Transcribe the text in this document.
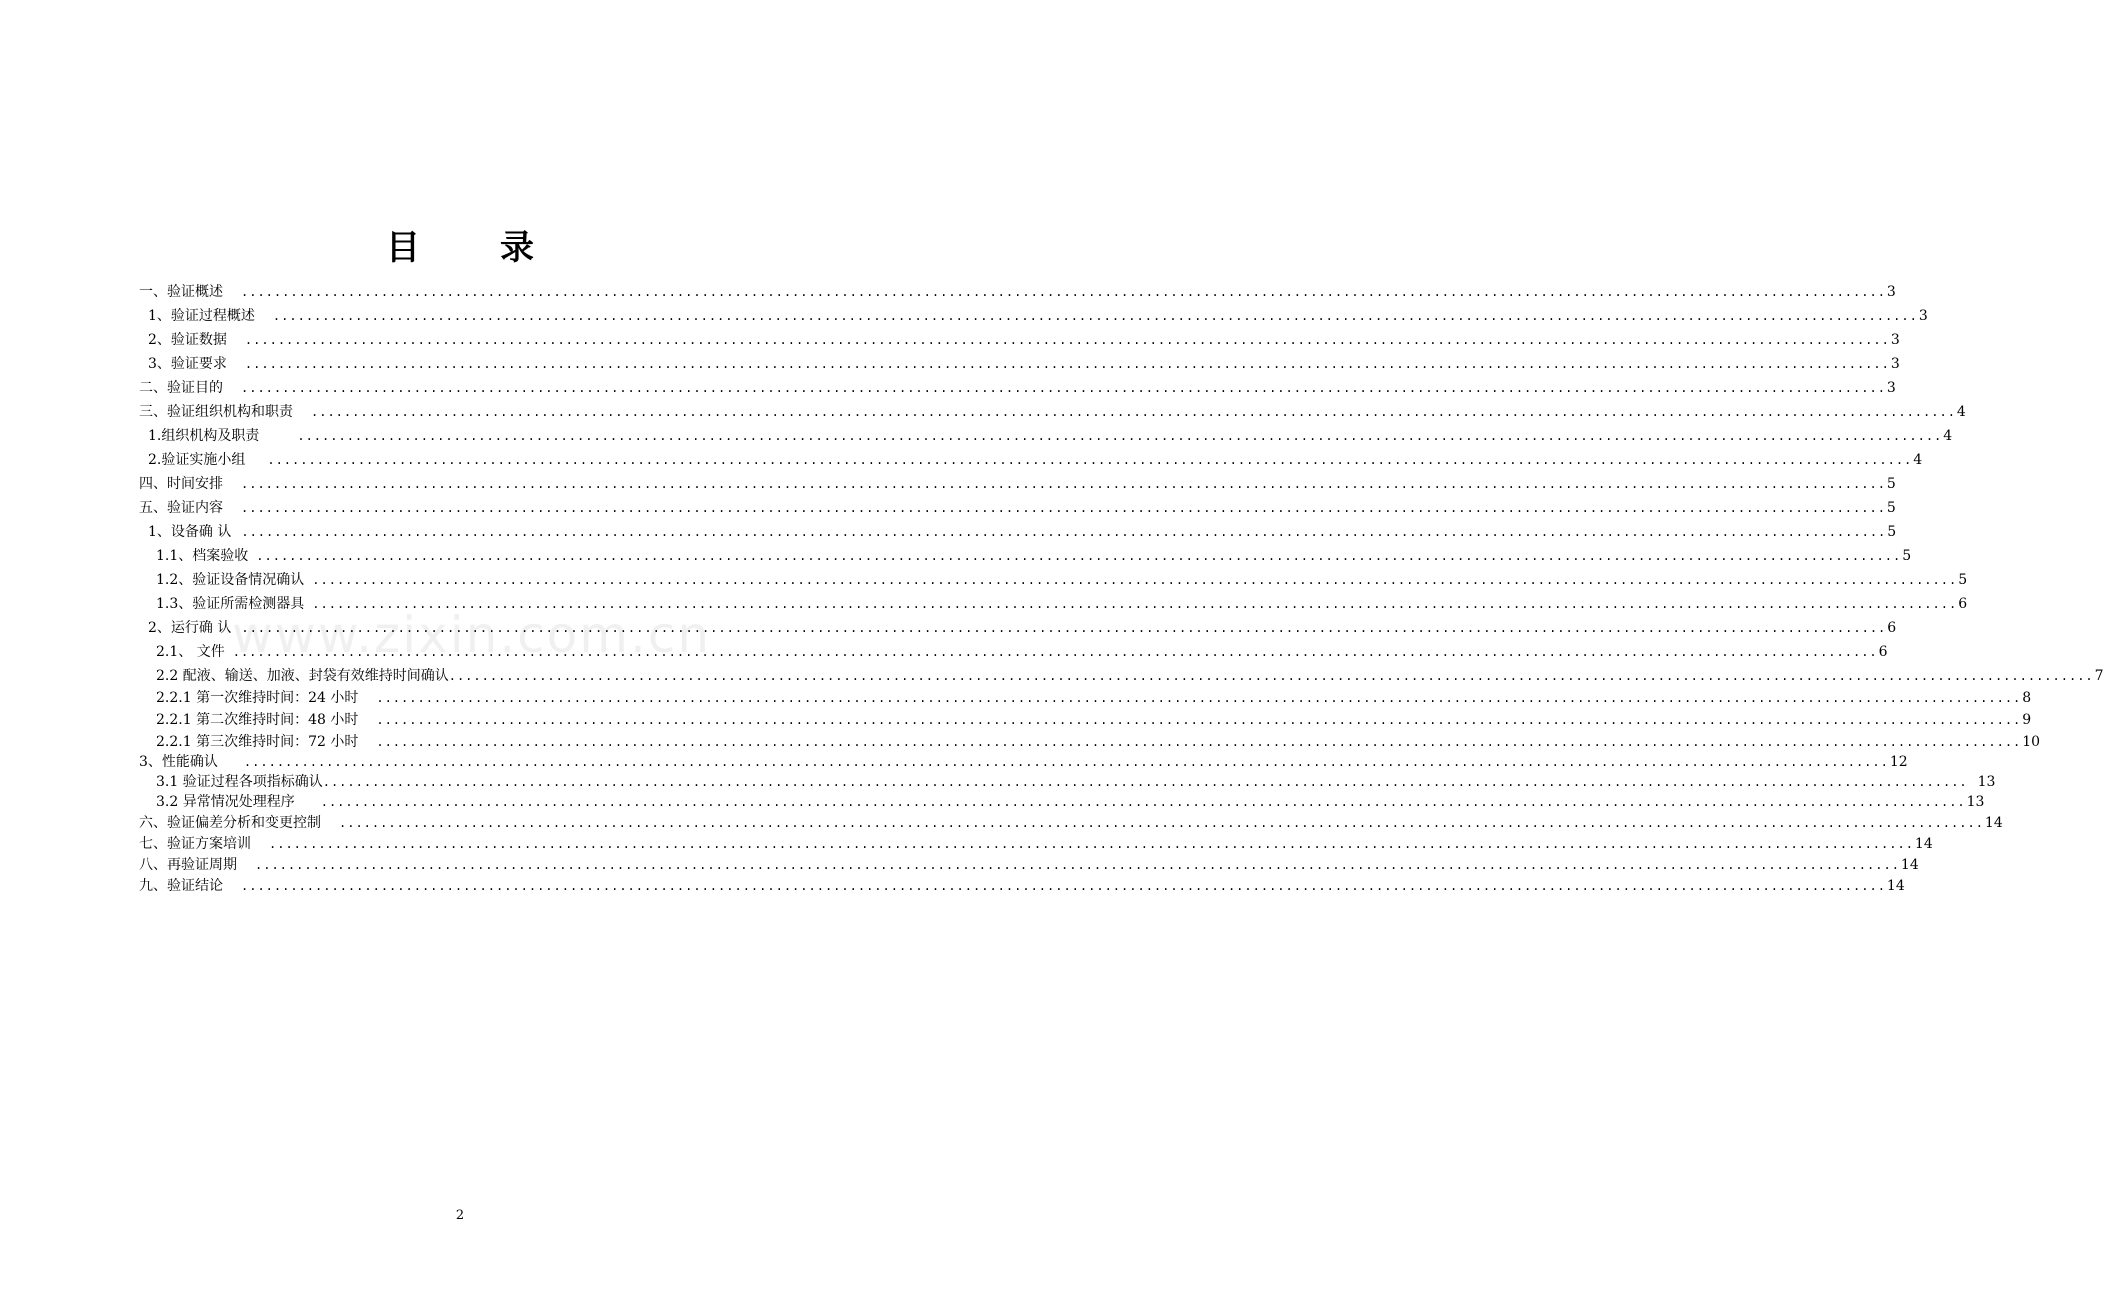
目 录
一、验证概述 ........................................................................................................................................................................................................ 3
1、验证过程概述 ........................................................................................................................................................................................................ 3
2、验证数据 ........................................................................................................................................................................................................ 3
3、验证要求 ........................................................................................................................................................................................................ 3
二、验证目的 ........................................................................................................................................................................................................ 3
三、验证组织机构和职责 ........................................................................................................................................................................................................ 4
1.组织机构及职责	........................................................................................................................................................................................................ 4
2.验证实施小组 ........................................................................................................................................................................................................ 4
四、时间安排 ........................................................................................................................................................................................................ 5
五、验证内容 ........................................................................................................................................................................................................ 5
1、设备确 认 ........................................................................................................................................................................................................ 5
1.1、档案验收 ........................................................................................................................................................................................................ 5
1.2、验证设备情况确认 ........................................................................................................................................................................................................ 5
1.3、验证所需检测器具 ........................................................................................................................................................................................................ 6
2、运行确 认 ........................................................................................................................................................................................................ 6
2.1、 文件 ........................................................................................................................................................................................................ 6
2.2 配液、输送、加液、封袋有效维持时间确认 ........................................................................................................................................................................................................ 7
2.2.1 第一次维持时间：24 小时 ........................................................................................................................................................................................................ 8
2.2.1 第二次维持时间：48 小时 ........................................................................................................................................................................................................ 9
2.2.1 第三次维持时间：72 小时 ........................................................................................................................................................................................................ 10
3、性能确认 ........................................................................................................................................................................................................ 12
3.1 验证过程各项指标确认 ........................................................................................................................................................................................................ 13
3.2 异常情况处理程序 ........................................................................................................................................................................................................ 13
六、验证偏差分析和变更控制 ........................................................................................................................................................................................................ 14
七、验证方案培训 ........................................................................................................................................................................................................ 14
八、再验证周期 ........................................................................................................................................................................................................ 14
九、验证结论 ........................................................................................................................................................................................................ 14
www.zixin.com.cn
2
